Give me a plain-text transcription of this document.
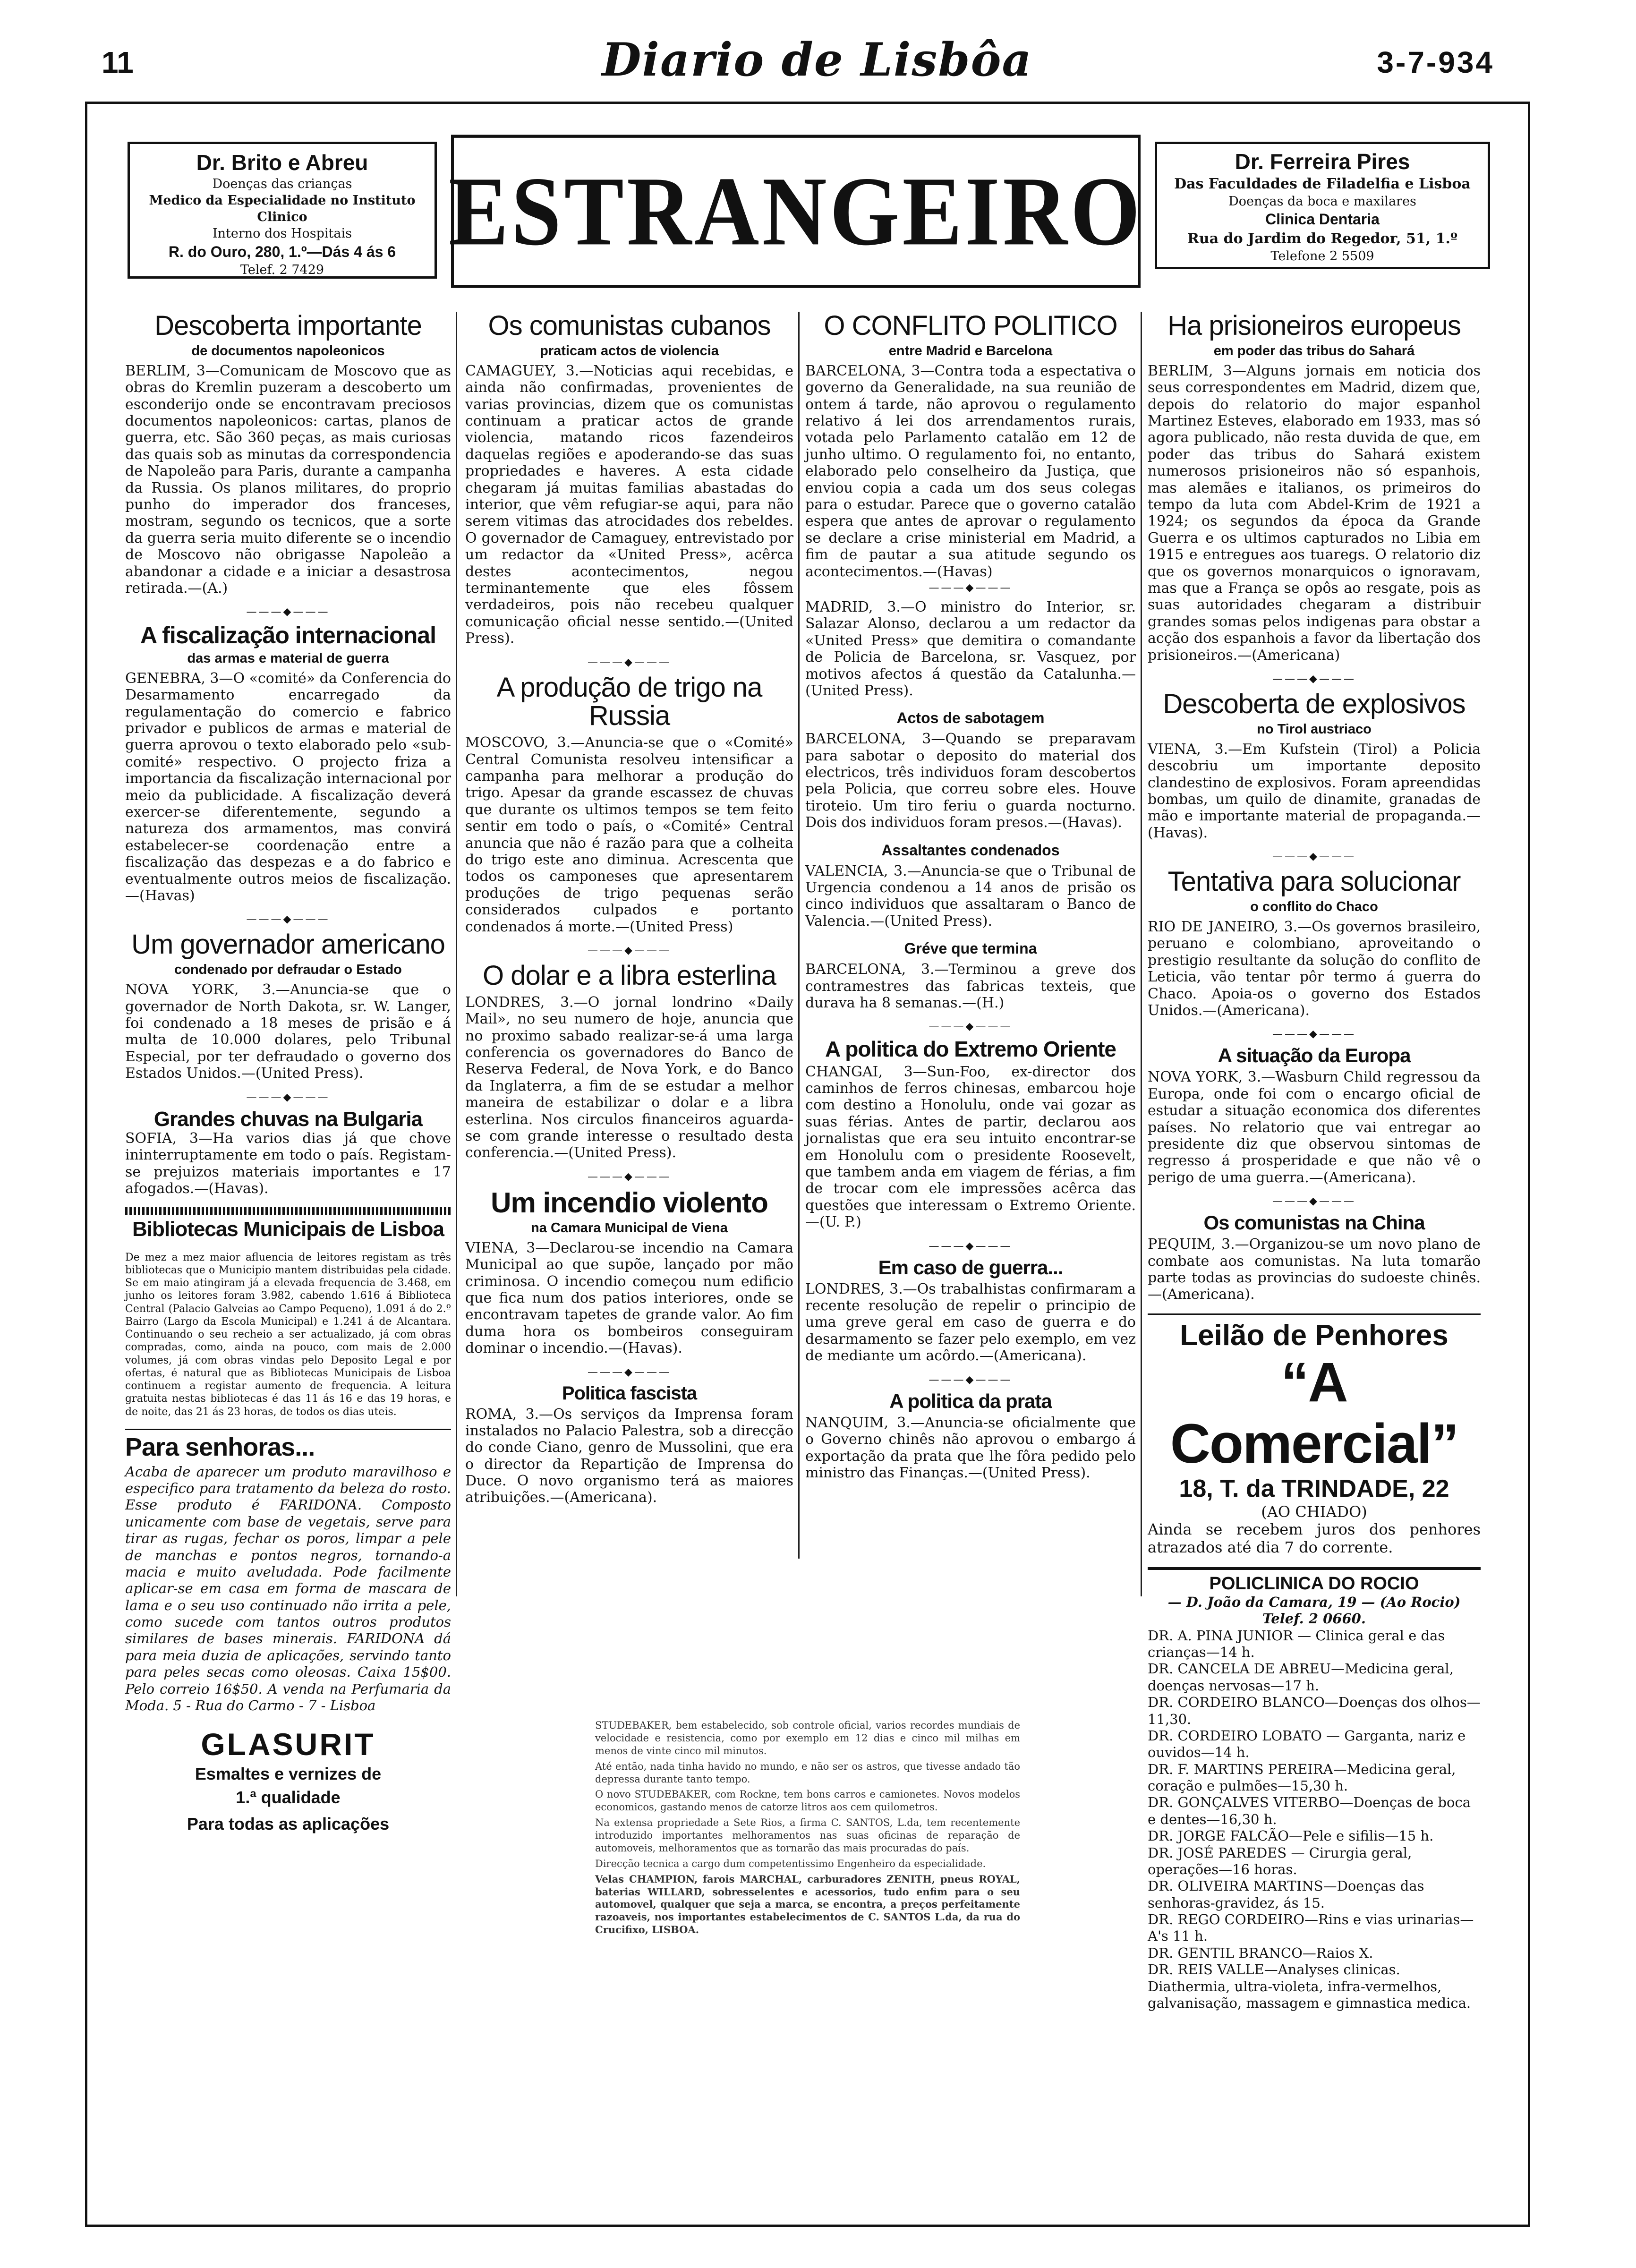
11	Diario de Lisbôa	3-7-934
Dr. Brito e Abreu
Doenças das crianças
Medico da Especialidade no Instituto Clinico
Interno dos Hospitais
R. do Ouro, 280, 1.º—Dás 4 ás 6
Telef. 2 7429
ESTRANGEIRO	Dr. Ferreira Pires
Das Faculdades de Filadelfia e Lisboa
Doenças da boca e maxilares
Clinica Dentaria
Rua do Jardim do Regedor, 51, 1.º
Telefone 2 5509
Descoberta importante
de documentos napoleonicos

BERLIM, 3—Comunicam de Moscovo que as obras do Kremlin puzeram a descoberto um esconderijo onde se encontravam preciosos documentos napoleonicos: cartas, planos de guerra, etc. São 360 peças, as mais curiosas das quais sob as minutas da correspondencia de Napoleão para Paris, durante a campanha da Russia. Os planos militares, do proprio punho do imperador dos franceses, mostram, segundo os tecnicos, que a sorte da guerra seria muito diferente se o incendio de Moscovo não obrigasse Napoleão a abandonar a cidade e a iniciar a desastrosa retirada.—(A.)

———◆———
A fiscalização internacional
das armas e material de guerra

GENEBRA, 3—O «comité» da Conferencia do Desarmamento encarregado da regulamentação do comercio e fabrico privador e publicos de armas e material de guerra aprovou o texto elaborado pelo «sub-comité» respectivo. O projecto friza a importancia da fiscalização internacional por meio da publicidade. A fiscalização deverá exercer-se diferentemente, segundo a natureza dos armamentos, mas convirá estabelecer-se coordenação entre a fiscalização das despezas e a do fabrico e eventualmente outros meios de fiscalização.—(Havas)

———◆———
Um governador americano
condenado por defraudar o Estado

NOVA YORK, 3.—Anuncia-se que o governador de North Dakota, sr. W. Langer, foi condenado a 18 meses de prisão e á multa de 10.000 dolares, pelo Tribunal Especial, por ter defraudado o governo dos Estados Unidos.—(United Press).

———◆———
Grandes chuvas na Bulgaria

SOFIA, 3—Ha varios dias já que chove ininterruptamente em todo o país. Registam-se prejuizos materiais importantes e 17 afogados.—(Havas).

Bibliotecas Municipais de Lisboa

De mez a mez maior afluencia de leitores registam as três bibliotecas que o Municipio mantem distribuidas pela cidade. Se em maio atingiram já a elevada frequencia de 3.468, em junho os leitores foram 3.982, cabendo 1.616 á Biblioteca Central (Palacio Galveias ao Campo Pequeno), 1.091 á do 2.º Bairro (Largo da Escola Municipal) e 1.241 á de Alcantara. Continuando o seu recheio a ser actualizado, já com obras compradas, como, ainda na pouco, com mais de 2.000 volumes, já com obras vindas pelo Deposito Legal e por ofertas, é natural que as Bibliotecas Municipais de Lisboa continuem a registar aumento de frequencia. A leitura gratuita nestas bibliotecas é das 11 ás 16 e das 19 horas, e de noite, das 21 ás 23 horas, de todos os dias uteis.

Para senhoras...

Acaba de aparecer um produto maravilhoso e especifico para tratamento da beleza do rosto. Esse produto é FARIDONA. Composto unicamente com base de vegetais, serve para tirar as rugas, fechar os poros, limpar a pele de manchas e pontos negros, tornando-a macia e muito aveludada. Pode facilmente aplicar-se em casa em forma de mascara de lama e o seu uso continuado não irrita a pele, como sucede com tantos outros produtos similares de bases minerais. FARIDONA dá para meia duzia de aplicações, servindo tanto para peles secas como oleosas. Caixa 15$00. Pelo correio 16$50. A venda na Perfumaria da Moda. 5 - Rua do Carmo - 7 - Lisboa

GLASURIT
Esmaltes e vernizes de
1.ª qualidade
Para todas as aplicações
Os comunistas cubanos
praticam actos de violencia

CAMAGUEY, 3.—Noticias aqui recebidas, e ainda não confirmadas, provenientes de varias provincias, dizem que os comunistas continuam a praticar actos de grande violencia, matando ricos fazendeiros daquelas regiões e apoderando-se das suas propriedades e haveres. A esta cidade chegaram já muitas familias abastadas do interior, que vêm refugiar-se aqui, para não serem vitimas das atrocidades dos rebeldes. O governador de Camaguey, entrevistado por um redactor da «United Press», acêrca destes acontecimentos, negou terminantemente que eles fôssem verdadeiros, pois não recebeu qualquer comunicação oficial nesse sentido.—(United Press).

———◆———
A produção de trigo na Russia

MOSCOVO, 3.—Anuncia-se que o «Comité» Central Comunista resolveu intensificar a campanha para melhorar a produção do trigo. Apesar da grande escassez de chuvas que durante os ultimos tempos se tem feito sentir em todo o país, o «Comité» Central anuncia que não é razão para que a colheita do trigo este ano diminua. Acrescenta que todos os camponeses que apresentarem produções de trigo pequenas serão considerados culpados e portanto condenados á morte.—(United Press)

———◆———
O dolar e a libra esterlina

LONDRES, 3.—O jornal londrino «Daily Mail», no seu numero de hoje, anuncia que no proximo sabado realizar-se-á uma larga conferencia os governadores do Banco de Reserva Federal, de Nova York, e do Banco da Inglaterra, a fim de se estudar a melhor maneira de estabilizar o dolar e a libra esterlina. Nos circulos financeiros aguarda-se com grande interesse o resultado desta conferencia.—(United Press).

———◆———
Um incendio violento
na Camara Municipal de Viena

VIENA, 3—Declarou-se incendio na Camara Municipal ao que supõe, lançado por mão criminosa. O incendio começou num edificio que fica num dos patios interiores, onde se encontravam tapetes de grande valor. Ao fim duma hora os bombeiros conseguiram dominar o incendio.—(Havas).

———◆———
Politica fascista

ROMA, 3.—Os serviços da Imprensa foram instalados no Palacio Palestra, sob a direcção do conde Ciano, genro de Mussolini, que era o director da Repartição de Imprensa do Duce. O novo organismo terá as maiores atribuições.—(Americana).

O CONFLITO POLITICO
entre Madrid e Barcelona

BARCELONA, 3—Contra toda a espectativa o governo da Generalidade, na sua reunião de ontem á tarde, não aprovou o regulamento relativo á lei dos arrendamentos rurais, votada pelo Parlamento catalão em 12 de junho ultimo. O regulamento foi, no entanto, elaborado pelo conselheiro da Justiça, que enviou copia a cada um dos seus colegas para o estudar. Parece que o governo catalão espera que antes de aprovar o regulamento se declare a crise ministerial em Madrid, a fim de pautar a sua atitude segundo os acontecimentos.—(Havas)

———◆———

MADRID, 3.—O ministro do Interior, sr. Salazar Alonso, declarou a um redactor da «United Press» que demitira o comandante de Policia de Barcelona, sr. Vasquez, por motivos afectos á questão da Catalunha.—(United Press).

Actos de sabotagem

BARCELONA, 3—Quando se preparavam para sabotar o deposito do material dos electricos, três individuos foram descobertos pela Policia, que correu sobre eles. Houve tiroteio. Um tiro feriu o guarda nocturno. Dois dos individuos foram presos.—(Havas).

Assaltantes condenados

VALENCIA, 3.—Anuncia-se que o Tribunal de Urgencia condenou a 14 anos de prisão os cinco individuos que assaltaram o Banco de Valencia.—(United Press).

Gréve que termina

BARCELONA, 3.—Terminou a greve dos contramestres das fabricas texteis, que durava ha 8 semanas.—(H.)

———◆———
A politica do Extremo Oriente

CHANGAI, 3—Sun-Foo, ex-director dos caminhos de ferros chinesas, embarcou hoje com destino a Honolulu, onde vai gozar as suas férias. Antes de partir, declarou aos jornalistas que era seu intuito encontrar-se em Honolulu com o presidente Roosevelt, que tambem anda em viagem de férias, a fim de trocar com ele impressões acêrca das questões que interessam o Extremo Oriente.—(U. P.)

———◆———
Em caso de guerra...

LONDRES, 3.—Os trabalhistas confirmaram a recente resolução de repelir o principio de uma greve geral em caso de guerra e do desarmamento se fazer pelo exemplo, em vez de mediante um acôrdo.—(Americana).

———◆———
A politica da prata

NANQUIM, 3.—Anuncia-se oficialmente que o Governo chinês não aprovou o embargo á exportação da prata que lhe fôra pedido pelo ministro das Finanças.—(United Press).

Ha prisioneiros europeus
em poder das tribus do Sahará

BERLIM, 3—Alguns jornais em noticia dos seus correspondentes em Madrid, dizem que, depois do relatorio do major espanhol Martinez Esteves, elaborado em 1933, mas só agora publicado, não resta duvida de que, em poder das tribus do Sahará existem numerosos prisioneiros não só espanhois, mas alemães e italianos, os primeiros do tempo da luta com Abdel-Krim de 1921 a 1924; os segundos da época da Grande Guerra e os ultimos capturados no Libia em 1915 e entregues aos tuaregs. O relatorio diz que os governos monarquicos o ignoravam, mas que a França se opôs ao resgate, pois as suas autoridades chegaram a distribuir grandes somas pelos indigenas para obstar a acção dos espanhois a favor da libertação dos prisioneiros.—(Americana)

———◆———
Descoberta de explosivos
no Tirol austriaco

VIENA, 3.—Em Kufstein (Tirol) a Policia descobriu um importante deposito clandestino de explosivos. Foram apreendidas bombas, um quilo de dinamite, granadas de mão e importante material de propaganda.—(Havas).

———◆———
Tentativa para solucionar
o conflito do Chaco

RIO DE JANEIRO, 3.—Os governos brasileiro, peruano e colombiano, aproveitando o prestigio resultante da solução do conflito de Leticia, vão tentar pôr termo á guerra do Chaco. Apoia-os o governo dos Estados Unidos.—(Americana).

———◆———
A situação da Europa

NOVA YORK, 3.—Wasburn Child regressou da Europa, onde foi com o encargo oficial de estudar a situação economica dos diferentes países. No relatorio que vai entregar ao presidente diz que observou sintomas de regresso á prosperidade e que não vê o perigo de uma guerra.—(Americana).

———◆———
Os comunistas na China

PEQUIM, 3.—Organizou-se um novo plano de combate aos comunistas. Na luta tomarão parte todas as provincias do sudoeste chinês.—(Americana).

Leilão de Penhores
“A Comercial”
18, T. da TRINDADE, 22
(AO CHIADO)

Ainda se recebem juros dos penhores atrazados até dia 7 do corrente.

POLICLINICA DO ROCIO
— D. João da Camara, 19 — (Ao Rocio)
Telef. 2 0660.
DR. A. PINA JUNIOR — Clinica geral e das crianças—14 h.
DR. CANCELA DE ABREU—Medicina geral, doenças nervosas—17 h.
DR. CORDEIRO BLANCO—Doenças dos olhos—11,30.
DR. CORDEIRO LOBATO — Garganta, nariz e ouvidos—14 h.
DR. F. MARTINS PEREIRA—Medicina geral, coração e pulmões—15,30 h.
DR. GONÇALVES VITERBO—Doenças de boca e dentes—16,30 h.
DR. JORGE FALCÃO—Pele e sifilis—15 h.
DR. JOSÉ PAREDES — Cirurgia geral, operações—16 horas.
DR. OLIVEIRA MARTINS—Doenças das senhoras-gravidez, ás 15.
DR. REGO CORDEIRO—Rins e vias urinarias—A's 11 h.
DR. GENTIL BRANCO—Raios X.
DR. REIS VALLE—Analyses clinicas.
Diathermia, ultra-violeta, infra-vermelhos, galvanisação, massagem e gimnastica medica.

STUDEBAKER, bem estabelecido, sob controle oficial, varios recordes mundiais de velocidade e resistencia, como por exemplo em 12 dias e cinco mil milhas em menos de vinte cinco mil minutos.

Até então, nada tinha havido no mundo, e não ser os astros, que tivesse andado tão depressa durante tanto tempo.

O novo STUDEBAKER, com Rockne, tem bons carros e camionetes. Novos modelos economicos, gastando menos de catorze litros aos cem quilometros.

Na extensa propriedade a Sete Rios, a firma C. SANTOS, L.da, tem recentemente introduzido importantes melhoramentos nas suas oficinas de reparação de automoveis, melhoramentos que as tornarão das mais procuradas do país.

Direcção tecnica a cargo dum competentissimo Engenheiro da especialidade.

Velas CHAMPION, farois MARCHAL, carburadores ZENITH, pneus ROYAL, baterias WILLARD, sobresselentes e acessorios, tudo enfim para o seu automovel, qualquer que seja a marca, se encontra, a preços perfeitamente razoaveis, nos importantes estabelecimentos de C. SANTOS L.da, da rua do Crucifixo, LISBOA.
